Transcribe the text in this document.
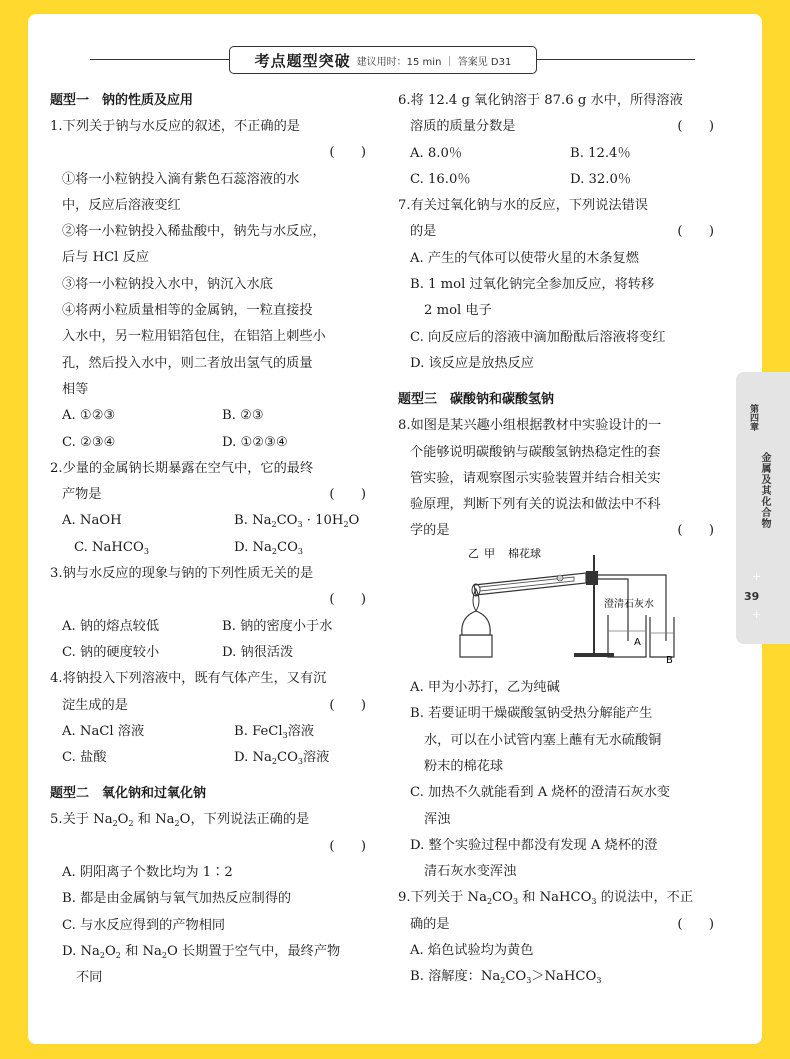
考点题型突破 建议用时：15 min ｜ 答案见 D31
题型一　钠的性质及应用
1.下列关于钠与水反应的叙述，不正确的是
(　　)
①将一小粒钠投入滴有紫色石蕊溶液的水
中，反应后溶液变红
②将一小粒钠投入稀盐酸中，钠先与水反应，
后与 HCl 反应
③将一小粒钠投入水中，钠沉入水底
④将两小粒质量相等的金属钠，一粒直接投
入水中，另一粒用铝箔包住，在铝箔上刺些小
孔，然后投入水中，则二者放出氢气的质量
相等
A. ①②③	B. ②③
C. ②③④	D. ①②③④
2.少量的金属钠长期暴露在空气中，它的最终
产物是	(　　)
A. NaOH	B. $Na_2CO_3 \cdot 10H_2O$
C. NaHCO$_3$	D. $Na_2CO_3$
3.钠与水反应的现象与钠的下列性质无关的是
(　　)
A. 钠的熔点较低	B. 钠的密度小于水
C. 钠的硬度较小	D. 钠很活泼
4.将钠投入下列溶液中，既有气体产生，又有沉
淀生成的是	(　　)
A. NaCl 溶液	B. FeCl$_3$溶液
C. 盐酸	D. $Na_2CO_3$溶液
题型二　氧化钠和过氧化钠
5.关于 $Na_2O_2$ 和 $Na_2O$，下列说法正确的是
(　　)
A. 阴阳离子个数比均为 1∶2
B. 都是由金属钠与氧气加热反应制得的
C. 与水反应得到的产物相同
D. $Na_2O_2$ 和 $Na_2O$ 长期置于空气中，最终产物
不同
6.将 12.4 g 氧化钠溶于 87.6 g 水中，所得溶液
溶质的质量分数是	(　　)
A. 8.0％	B. 12.4％
C. 16.0％	D. 32.0％
7.有关过氧化钠与水的反应，下列说法错误
的是	(　　)
A. 产生的气体可以使带火星的木条复燃
B. 1 mol 过氧化钠完全参加反应，将转移
2 mol 电子
C. 向反应后的溶液中滴加酚酞后溶液将变红
D. 该反应是放热反应
题型三　碳酸钠和碳酸氢钠
8.如图是某兴趣小组根据教材中实验设计的一
个能够说明碳酸钠与碳酸氢钠热稳定性的套
管实验，请观察图示实验装置并结合相关实
验原理，判断下列有关的说法和做法中不科
学的是	(　　)
乙 甲 棉花球
澄清石灰水
A
B
A. 甲为小苏打，乙为纯碱
B. 若要证明干燥碳酸氢钠受热分解能产生
水，可以在小试管内塞上蘸有无水硫酸铜
粉末的棉花球
C. 加热不久就能看到 A 烧杯的澄清石灰水变
浑浊
D. 整个实验过程中都没有发现 A 烧杯的澄
清石灰水变浑浊
9.下列关于 $Na_2CO_3$ 和 NaHCO$_3$ 的说法中，不正
确的是	(　　)
A. 焰色试验均为黄色
B. 溶解度：$Na_2CO_3>NaHCO_3$
第四章
金属及其化合物
+
39
+
